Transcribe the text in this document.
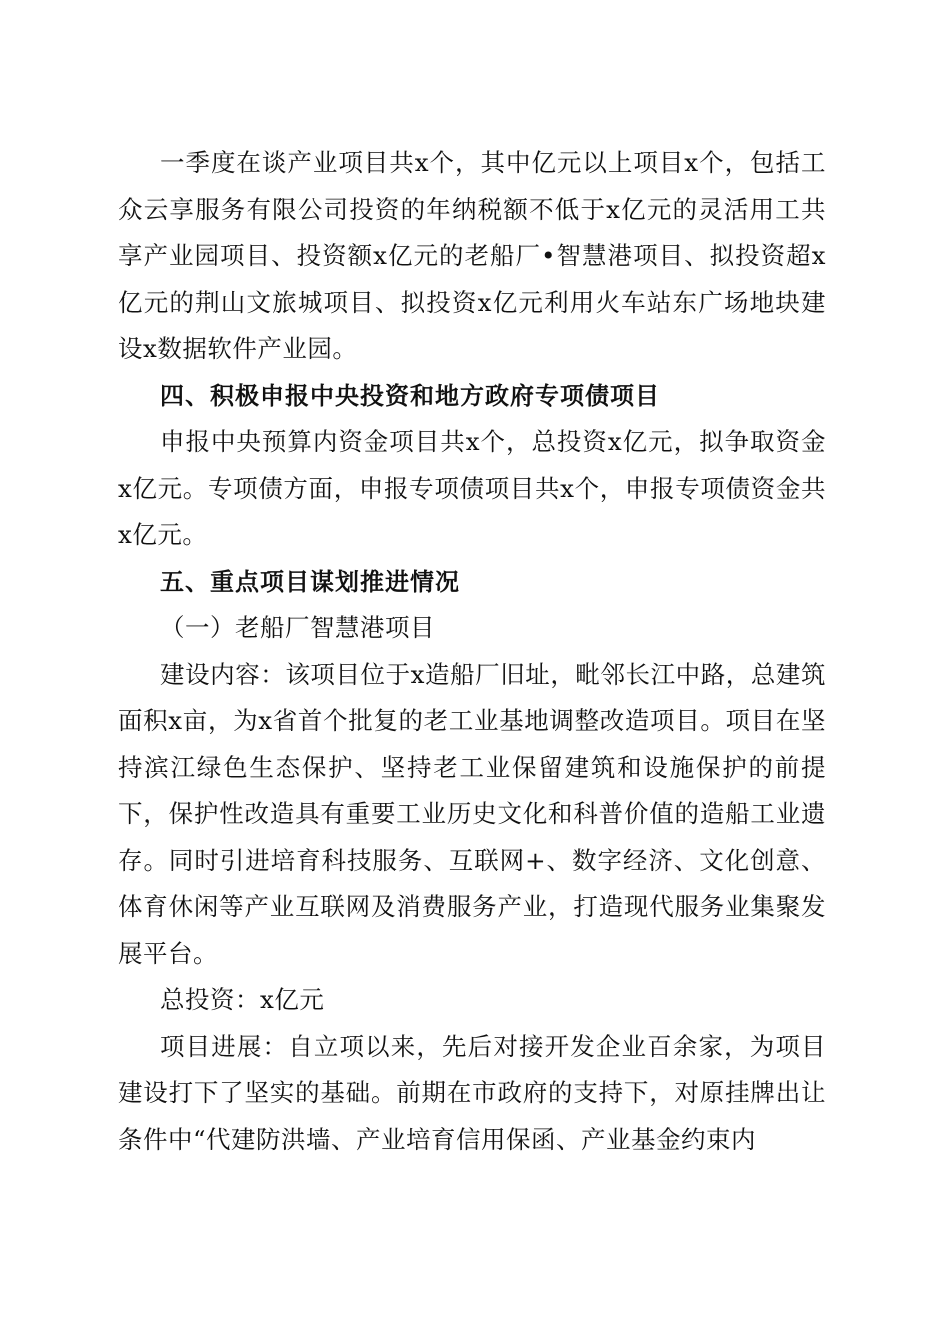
一季度在谈产业项目共x个，其中亿元以上项目x个，包括工众云享服务有限公司投资的年纳税额不低于x亿元的灵活用工共享产业园项目、投资额x亿元的老船厂•智慧港项目、拟投资超x亿元的荆山文旅城项目、拟投资x亿元利用火车站东广场地块建设x数据软件产业园。

四、积极申报中央投资和地方政府专项债项目

申报中央预算内资金项目共x个，总投资x亿元，拟争取资金x亿元。专项债方面，申报专项债项目共x个，申报专项债资金共x亿元。

五、重点项目谋划推进情况

（一）老船厂智慧港项目

建设内容：该项目位于x造船厂旧址，毗邻长江中路，总建筑面积x亩，为x省首个批复的老工业基地调整改造项目。项目在坚持滨江绿色生态保护、坚持老工业保留建筑和设施保护的前提下，保护性改造具有重要工业历史文化和科普价值的造船工业遗存。同时引进培育科技服务、互联网+、数字经济、文化创意、体育休闲等产业互联网及消费服务产业，打造现代服务业集聚发展平台。

总投资：x亿元

项目进展：自立项以来，先后对接开发企业百余家，为项目建设打下了坚实的基础。前期在市政府的支持下，对原挂牌出让条件中“代建防洪墙、产业培育信用保函、产业基金约束内
